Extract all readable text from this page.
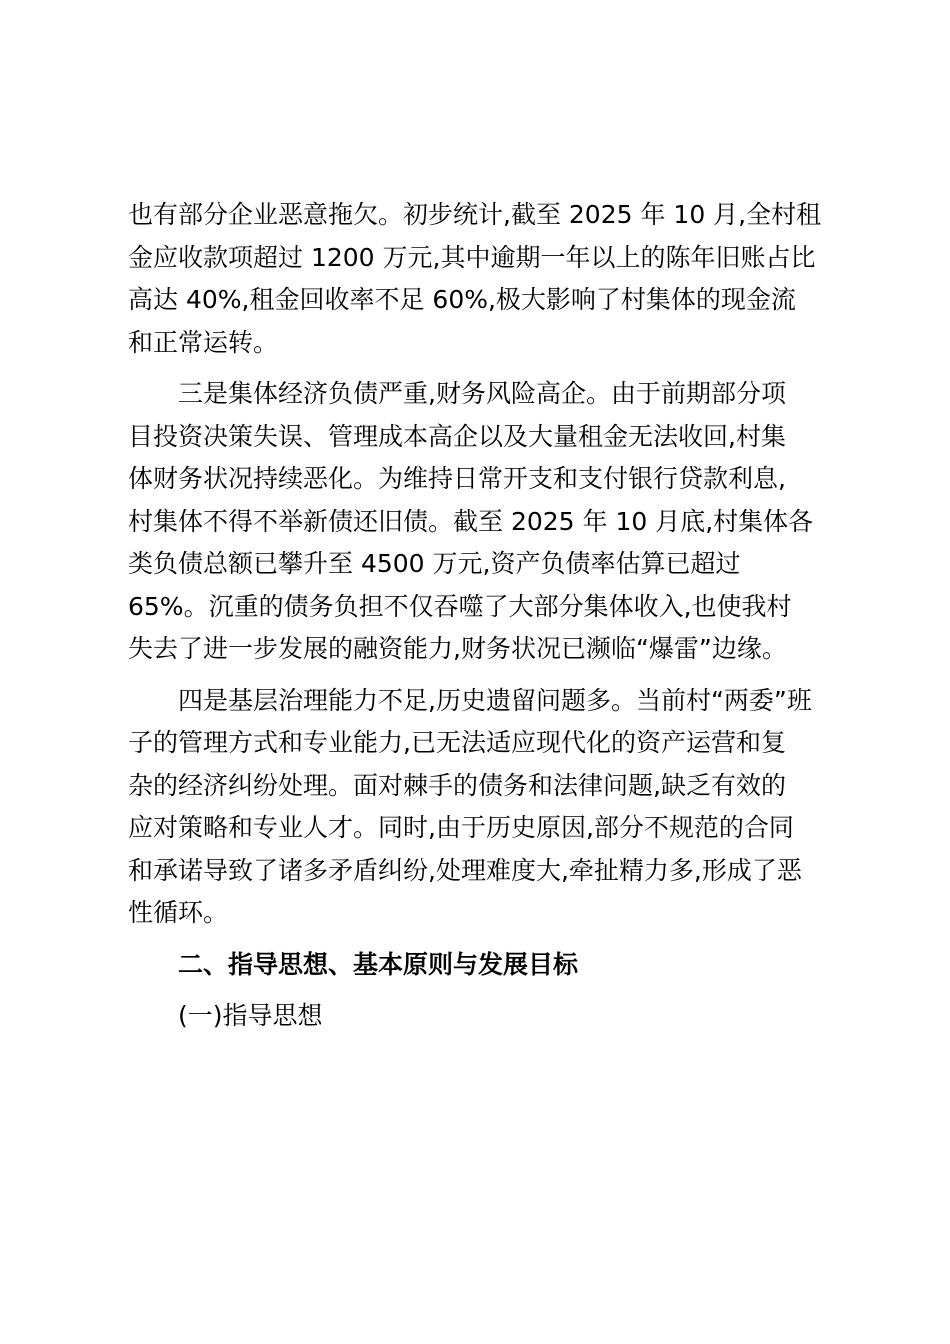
也有部分企业恶意拖欠。初步统计,截至 2025 年 10 月,全村租
金应收款项超过 1200 万元,其中逾期一年以上的陈年旧账占比
高达 40%,租金回收率不足 60%,极大影响了村集体的现金流
和正常运转。
三是集体经济负债严重,财务风险高企。由于前期部分项
目投资决策失误、管理成本高企以及大量租金无法收回,村集
体财务状况持续恶化。为维持日常开支和支付银行贷款利息,
村集体不得不举新债还旧债。截至 2025 年 10 月底,村集体各
类负债总额已攀升至 4500 万元,资产负债率估算已超过
65%。沉重的债务负担不仅吞噬了大部分集体收入,也使我村
失去了进一步发展的融资能力,财务状况已濒临“爆雷”边缘。
四是基层治理能力不足,历史遗留问题多。当前村“两委”班
子的管理方式和专业能力,已无法适应现代化的资产运营和复
杂的经济纠纷处理。面对棘手的债务和法律问题,缺乏有效的
应对策略和专业人才。同时,由于历史原因,部分不规范的合同
和承诺导致了诸多矛盾纠纷,处理难度大,牵扯精力多,形成了恶
性循环。
二、指导思想、基本原则与发展目标
(一)指导思想
